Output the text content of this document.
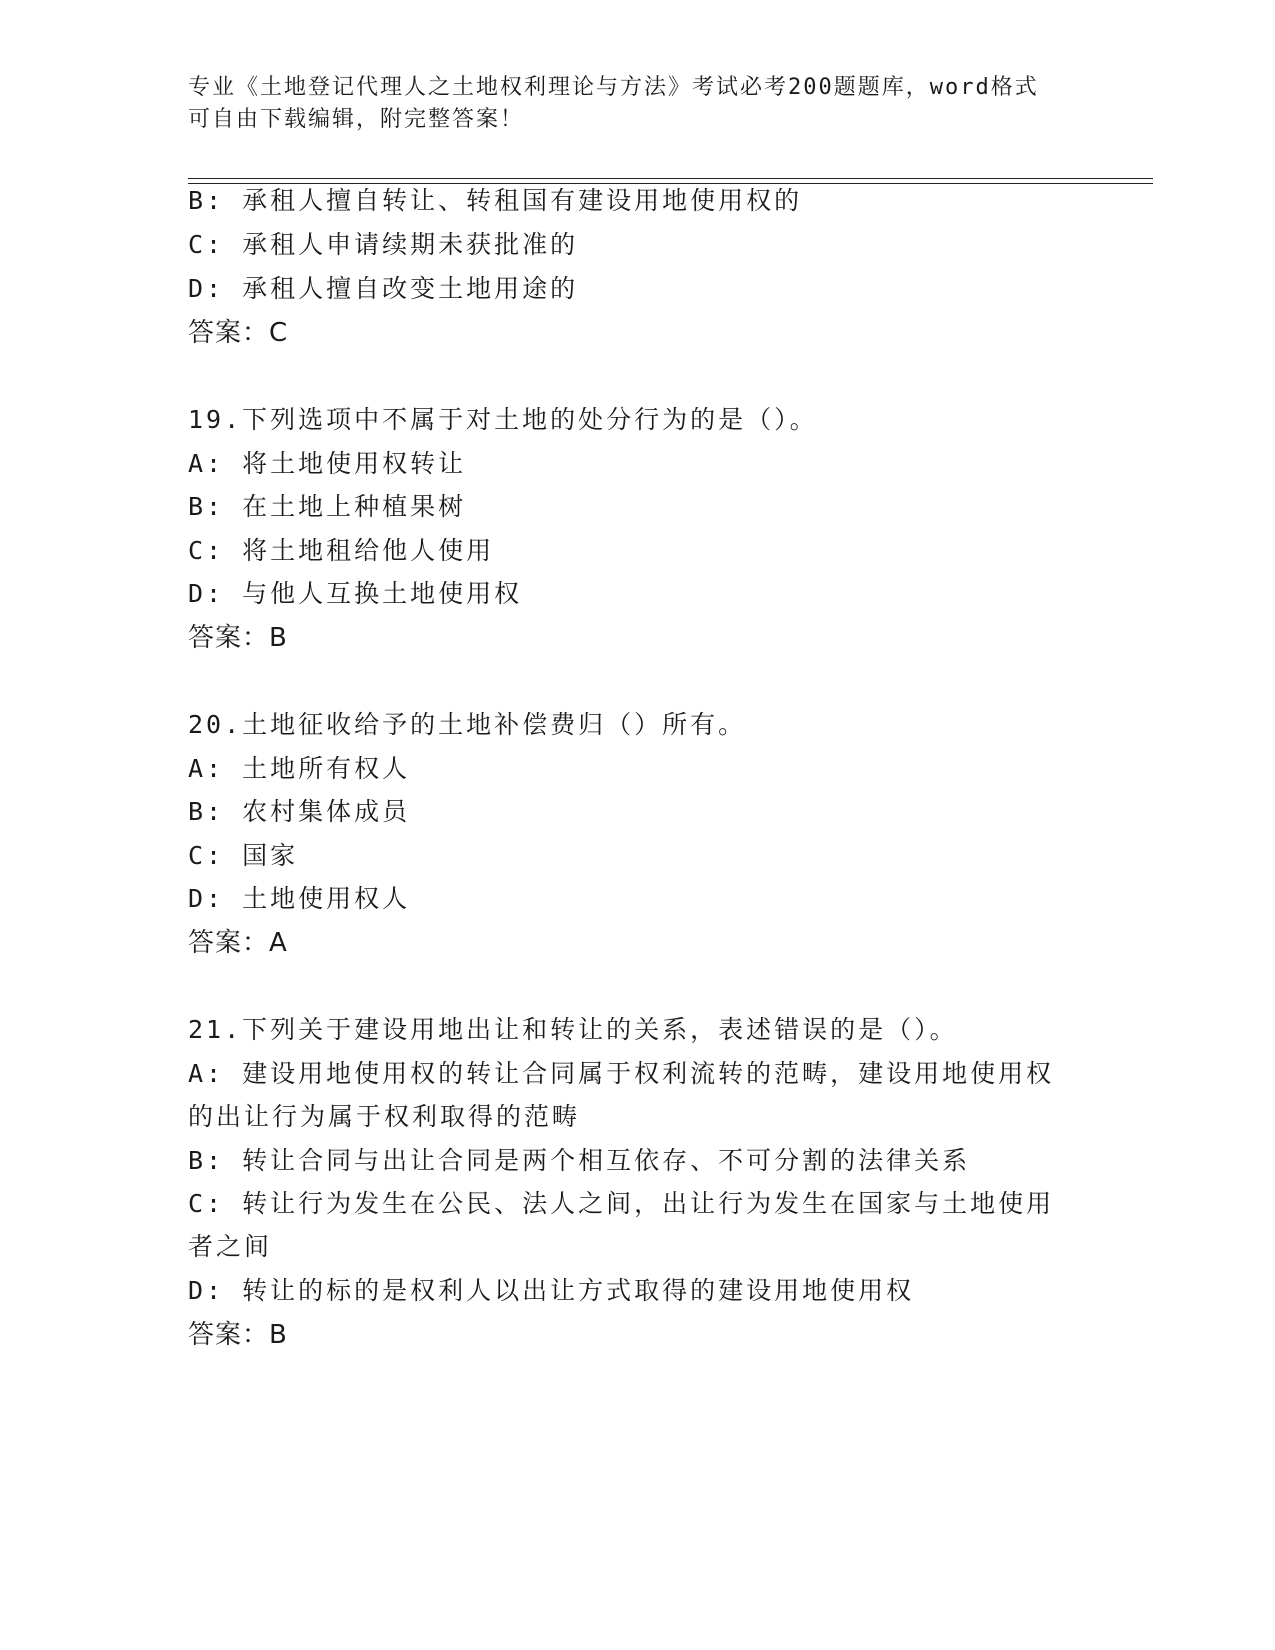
专业《土地登记代理人之土地权利理论与方法》考试必考200题题库，word格式
可自由下载编辑，附完整答案！
B: 承租人擅自转让、转租国有建设用地使用权的
C: 承租人申请续期未获批准的
D: 承租人擅自改变土地用途的
答案：C
19.下列选项中不属于对土地的处分行为的是（）。
A: 将土地使用权转让
B: 在土地上种植果树
C: 将土地租给他人使用
D: 与他人互换土地使用权
答案：B
20.土地征收给予的土地补偿费归（）所有。
A: 土地所有权人
B: 农村集体成员
C: 国家
D: 土地使用权人
答案：A
21.下列关于建设用地出让和转让的关系，表述错误的是（）。
A: 建设用地使用权的转让合同属于权利流转的范畴，建设用地使用权
的出让行为属于权利取得的范畴
B: 转让合同与出让合同是两个相互依存、不可分割的法律关系
C: 转让行为发生在公民、法人之间，出让行为发生在国家与土地使用
者之间
D: 转让的标的是权利人以出让方式取得的建设用地使用权
答案：B
